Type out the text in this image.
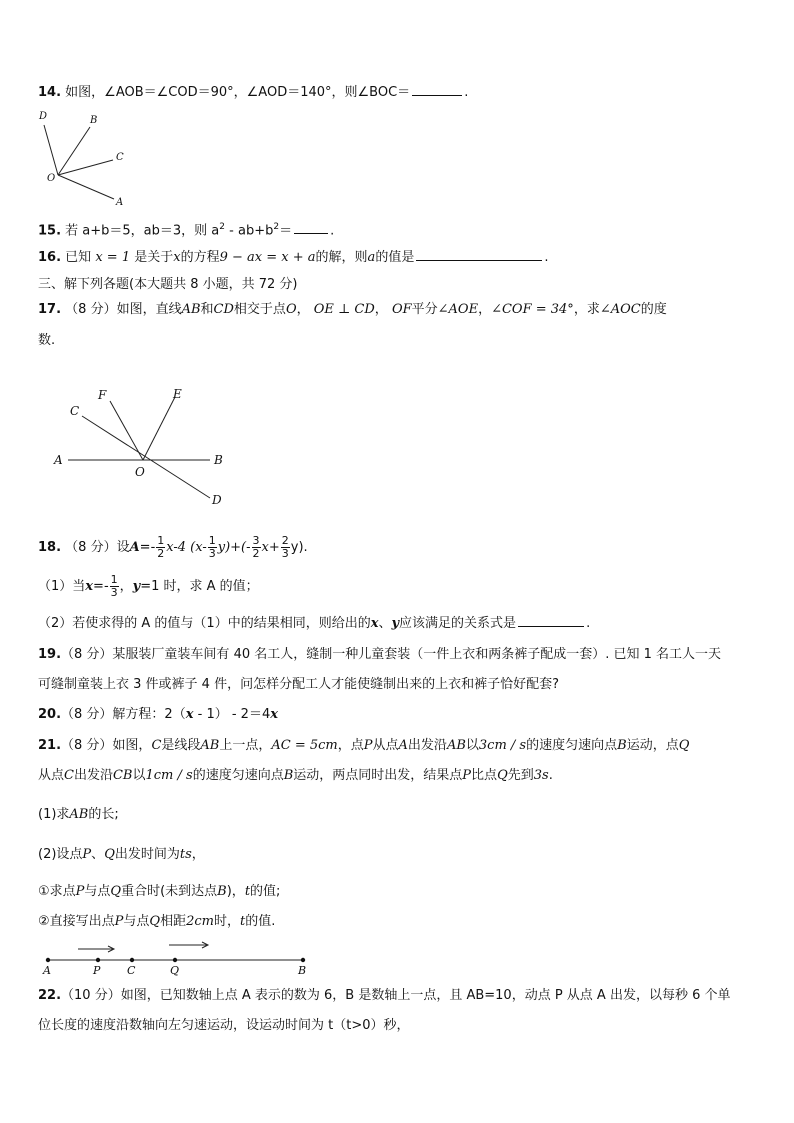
14. 如图，∠AOB＝∠COD＝90°，∠AOD＝140°，则∠BOC＝	.
D	B
C
O
A
15. 若 a+b＝5，ab＝3，则 $a^2 - ab+b^2=$	.
16. 已知 x = 1 是关于x的方程9 − ax = x + a的解，则a的值是	.
三、解下列各题(本大题共 8 小题，共 72 分)
17. （8 分）如图，直线AB和CD相交于点O， OE ⊥ CD， OF平分∠AOE，∠COF = 34°，求∠AOC的度
数.
A	B
C
D
E
F
O
18. （8 分）设$A=- \frac{1}{2} x-4$ $(x- \frac{1}{3} y)+(- \frac{3}{2} x+ \frac{2}{3} y)$.
（1）当$x=- \frac{1}{3}$ ，y=1 时，求 A 的值；
（2）若使求得的 A 的值与（1）中的结果相同，则给出的x、y应该满足的关系式是	.
19.（8 分）某服装厂童装车间有 40 名工人，缝制一种儿童套装（一件上衣和两条裤子配成一套）. 已知 1 名工人一天
可缝制童装上衣 3 件或裤子 4 件，问怎样分配工人才能使缝制出来的上衣和裤子恰好配套?
20.（8 分）解方程：2（x - 1） - 2＝4x
21.（8 分）如图，C是线段AB上一点，AC = 5cm，点P从点A出发沿AB以3cm / s的速度匀速向点B运动，点Q
从点C出发沿CB以1cm / s的速度匀速向点B运动，两点同时出发，结果点P比点Q先到3s.
(1)求AB的长;
(2)设点P、Q出发时间为ts，
①求点P与点Q重合时(未到达点B)，t的值;
②直接写出点P与点Q相距2cm时，t的值.
A	P C	Q	B
22.（10 分）如图，已知数轴上点 A 表示的数为 6，B 是数轴上一点，且 AB=10，动点 P 从点 A 出发，以每秒 6 个单
位长度的速度沿数轴向左匀速运动，设运动时间为 t（t>0）秒，
